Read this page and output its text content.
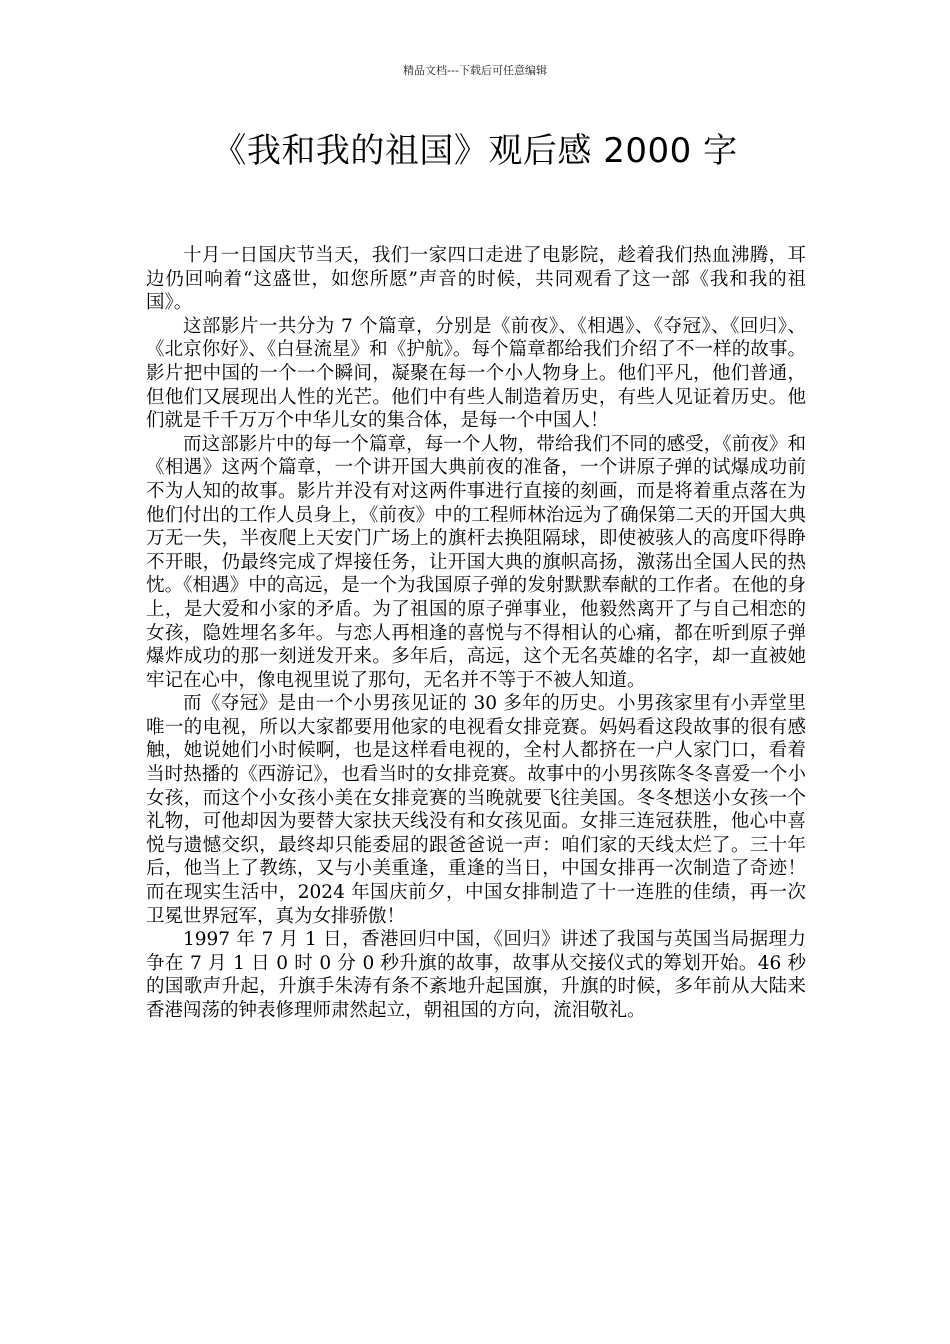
精品文档---下载后可任意编辑
《我和我的祖国》观后感 2000 字

十月一日国庆节当天，我们一家四口走进了电影院，趁着我们热血沸腾，耳边仍回响着“这盛世，如您所愿”声音的时候，共同观看了这一部《我和我的祖国》。

这部影片一共分为 7 个篇章，分别是《前夜》、《相遇》、《夺冠》、《回归》、《北京你好》、《白昼流星》和《护航》。每个篇章都给我们介绍了不一样的故事。影片把中国的一个一个瞬间，凝聚在每一个小人物身上。他们平凡，他们普通，但他们又展现出人性的光芒。他们中有些人制造着历史，有些人见证着历史。他们就是千千万万个中华儿女的集合体，是每一个中国人！

而这部影片中的每一个篇章，每一个人物，带给我们不同的感受，《前夜》和《相遇》这两个篇章，一个讲开国大典前夜的准备，一个讲原子弹的试爆成功前不为人知的故事。影片并没有对这两件事进行直接的刻画，而是将着重点落在为他们付出的工作人员身上，《前夜》中的工程师林治远为了确保第二天的开国大典万无一失，半夜爬上天安门广场上的旗杆去换阻隔球，即使被骇人的高度吓得睁不开眼，仍最终完成了焊接任务，让开国大典的旗帜高扬，激荡出全国人民的热忱。《相遇》中的高远，是一个为我国原子弹的发射默默奉献的工作者。在他的身上，是大爱和小家的矛盾。为了祖国的原子弹事业，他毅然离开了与自己相恋的女孩，隐姓埋名多年。与恋人再相逢的喜悦与不得相认的心痛，都在听到原子弹爆炸成功的那一刻迸发开来。多年后，高远，这个无名英雄的名字，却一直被她牢记在心中，像电视里说了那句，无名并不等于不被人知道。

而《夺冠》是由一个小男孩见证的 30 多年的历史。小男孩家里有小弄堂里唯一的电视，所以大家都要用他家的电视看女排竞赛。妈妈看这段故事的很有感触，她说她们小时候啊，也是这样看电视的，全村人都挤在一户人家门口，看着当时热播的《西游记》，也看当时的女排竞赛。故事中的小男孩陈冬冬喜爱一个小女孩，而这个小女孩小美在女排竞赛的当晚就要飞往美国。冬冬想送小女孩一个礼物，可他却因为要替大家扶天线没有和女孩见面。女排三连冠获胜，他心中喜悦与遗憾交织，最终却只能委屈的跟爸爸说一声：咱们家的天线太烂了。三十年后，他当上了教练，又与小美重逢，重逢的当日，中国女排再一次制造了奇迹！而在现实生活中，2024 年国庆前夕，中国女排制造了十一连胜的佳绩，再一次卫冕世界冠军，真为女排骄傲！

1997 年 7 月 1 日，香港回归中国，《回归》讲述了我国与英国当局据理力争在 7 月 1 日 0 时 0 分 0 秒升旗的故事，故事从交接仪式的筹划开始。46 秒的国歌声升起，升旗手朱涛有条不紊地升起国旗，升旗的时候，多年前从大陆来香港闯荡的钟表修理师肃然起立，朝祖国的方向，流泪敬礼。
